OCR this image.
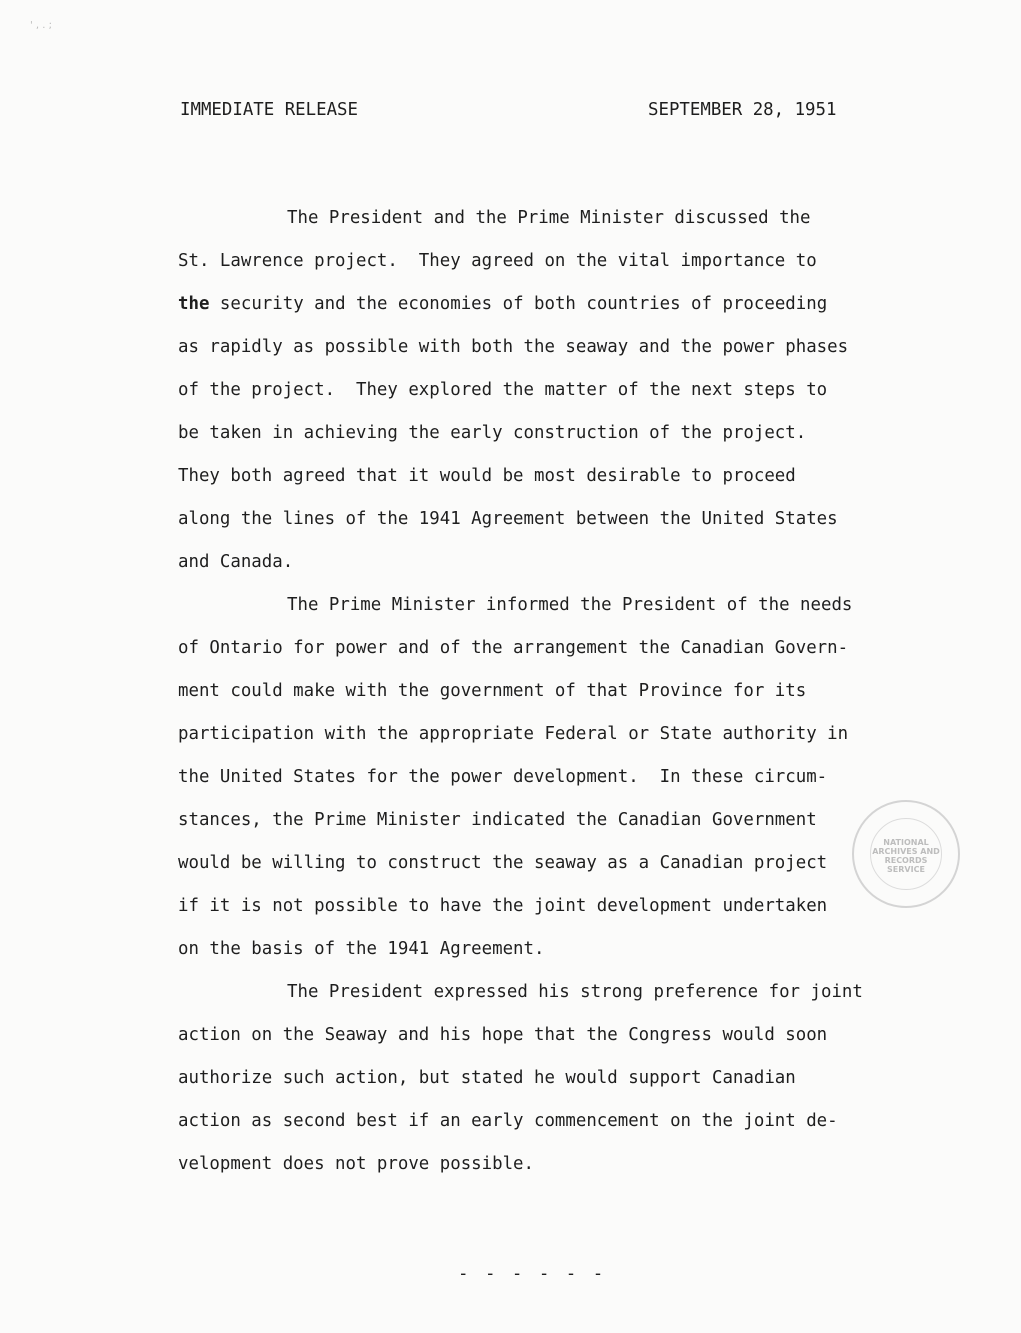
' , . ;
IMMEDIATE RELEASE	SEPTEMBER 28, 1951
The President and the Prime Minister discussed the
St. Lawrence project.  They agreed on the vital importance to
the security and the economies of both countries of proceeding
as rapidly as possible with both the seaway and the power phases
of the project.  They explored the matter of the next steps to
be taken in achieving the early construction of the project.
They both agreed that it would be most desirable to proceed
along the lines of the 1941 Agreement between the United States
and Canada.
The Prime Minister informed the President of the needs
of Ontario for power and of the arrangement the Canadian Govern-
ment could make with the government of that Province for its
participation with the appropriate Federal or State authority in
the United States for the power development.  In these circum-
stances, the Prime Minister indicated the Canadian Government
would be willing to construct the seaway as a Canadian project
if it is not possible to have the joint development undertaken
on the basis of the 1941 Agreement.
The President expressed his strong preference for joint
action on the Seaway and his hope that the Congress would soon
authorize such action, but stated he would support Canadian
action as second best if an early commencement on the joint de-
velopment does not prove possible.
- - - - - -
NATIONAL
ARCHIVES AND
RECORDS
SERVICE
